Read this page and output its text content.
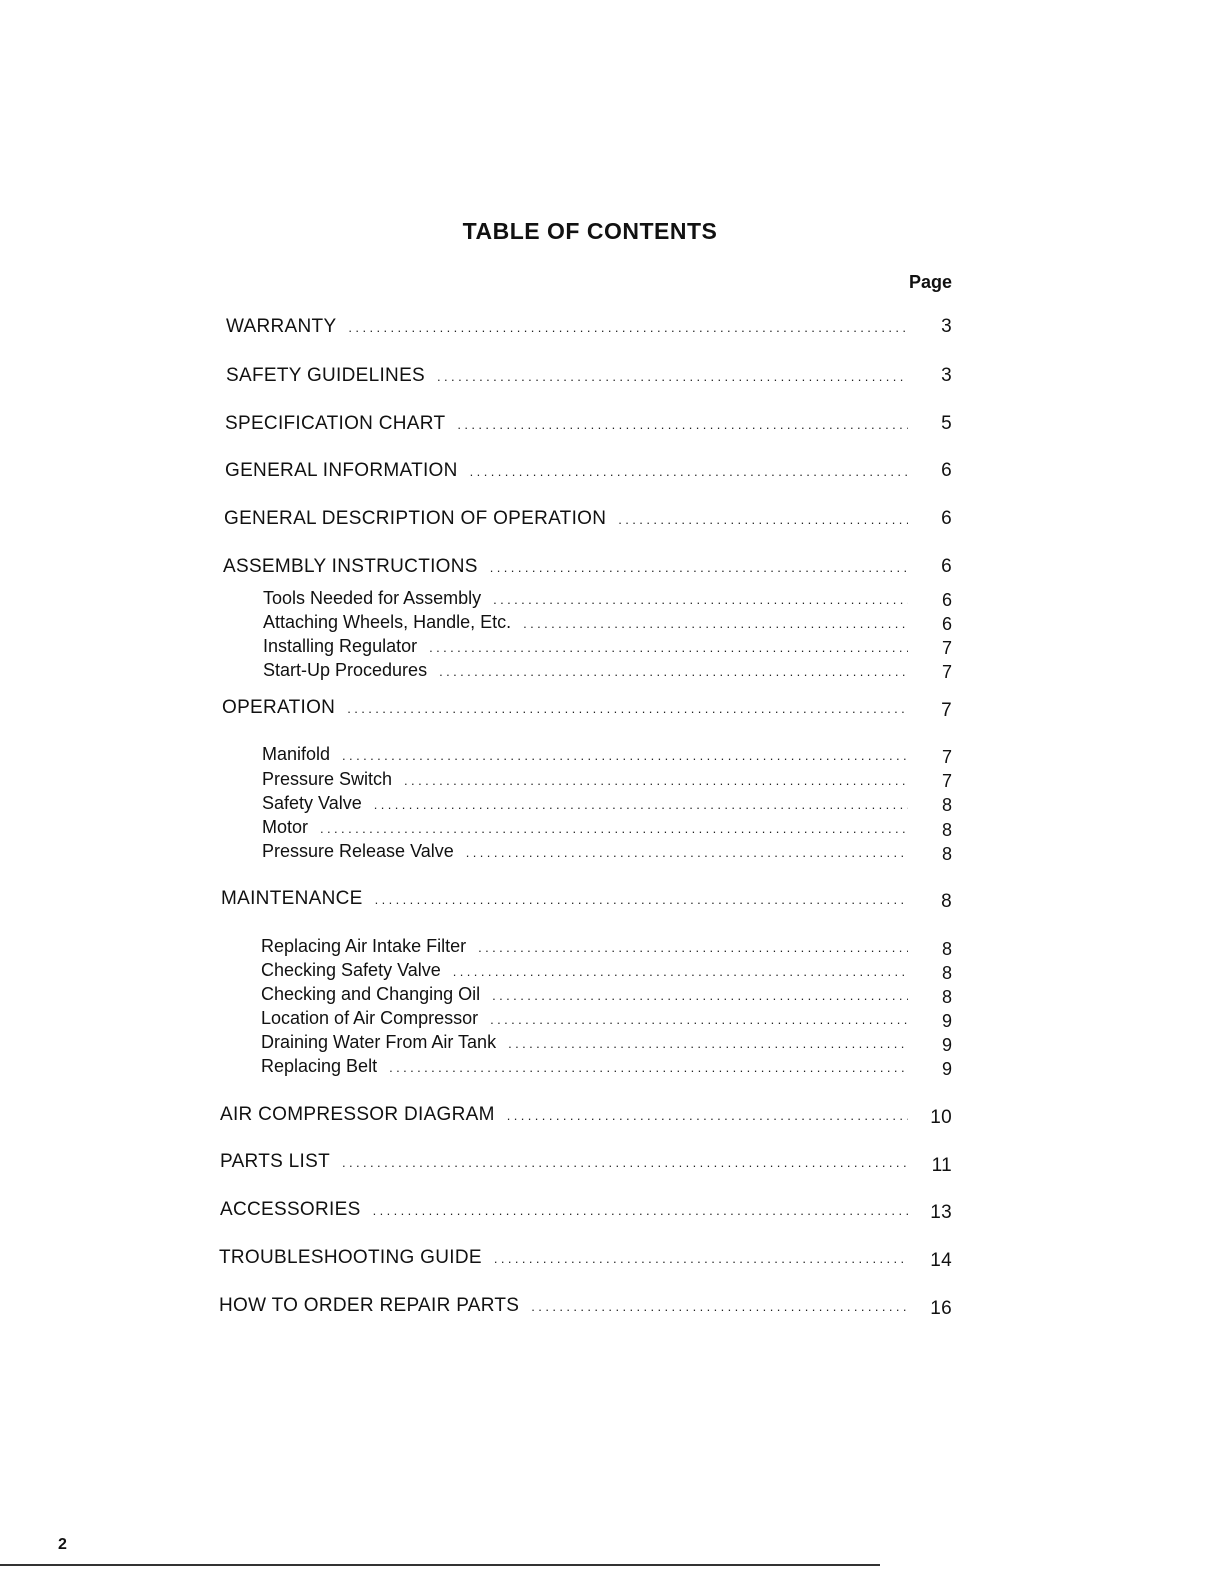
TABLE OF CONTENTS
Page
WARRANTY .....	3
SAFETY GUIDELINES .....	3
SPECIFICATION CHART .....	5
GENERAL INFORMATION .....	6
GENERAL DESCRIPTION OF OPERATION .....	6
ASSEMBLY INSTRUCTIONS .....	6
Tools Needed for Assembly .....	6
Attaching Wheels, Handle, Etc. .....	6
Installing Regulator .....	7
Start-Up Procedures .....	7
OPERATION .....	7
Manifold .....	7
Pressure Switch .....	7
Safety Valve .....	8
Motor .....	8
Pressure Release Valve .....	8
MAINTENANCE .....	8
Replacing Air Intake Filter .....	8
Checking Safety Valve .....	8
Checking and Changing Oil .....	8
Location of Air Compressor .....	9
Draining Water From Air Tank .....	9
Replacing Belt .....	9
AIR COMPRESSOR DIAGRAM .....	10
PARTS LIST .....	11
ACCESSORIES .....	13
TROUBLESHOOTING GUIDE .....	14
HOW TO ORDER REPAIR PARTS .....	16
2
